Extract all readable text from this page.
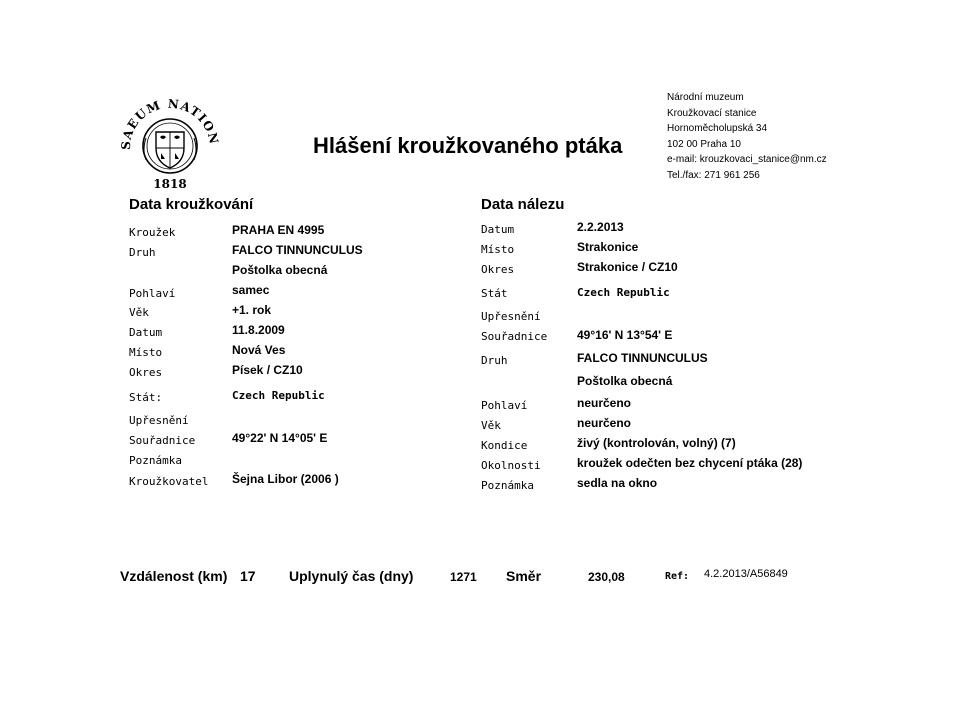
SAEUM NATION
1818
Hlášení kroužkovaného ptáka
Národní muzeum
Kroužkovací stanice
Hornoměcholupská 34
102 00 Praha 10
e-mail: krouzkovaci_stanice@nm.cz
Tel./fax: 271 961 256
Data kroužkování	Data nálezu
Kroužek	PRAHA EN 4995
Druh	FALCO TINNUNCULUS
Poštolka obecná
Pohlaví	samec
Věk	+1. rok
Datum	11.8.2009
Místo	Nová Ves
Okres	Písek / CZ10
Stát:	Czech Republic
Upřesnění
Souřadnice	49°22' N 14°05' E
Poznámka
Kroužkovatel Šejna Libor (2006 )
Datum	2.2.2013
Místo	Strakonice
Okres	Strakonice / CZ10
Stát	Czech Republic
Upřesnění
Souřadnice 49°16' N 13°54' E
Druh	FALCO TINNUNCULUS
Poštolka obecná
Pohlaví	neurčeno
Věk	neurčeno
Kondice	živý (kontrolován, volný) (7)
Okolnosti	kroužek odečten bez chycení ptáka (28)
Poznámka	sedla na okno
Vzdálenost (km) 17 Uplynulý čas (dny)	1271 Směr	230,08	Ref: 4.2.2013/A56849
